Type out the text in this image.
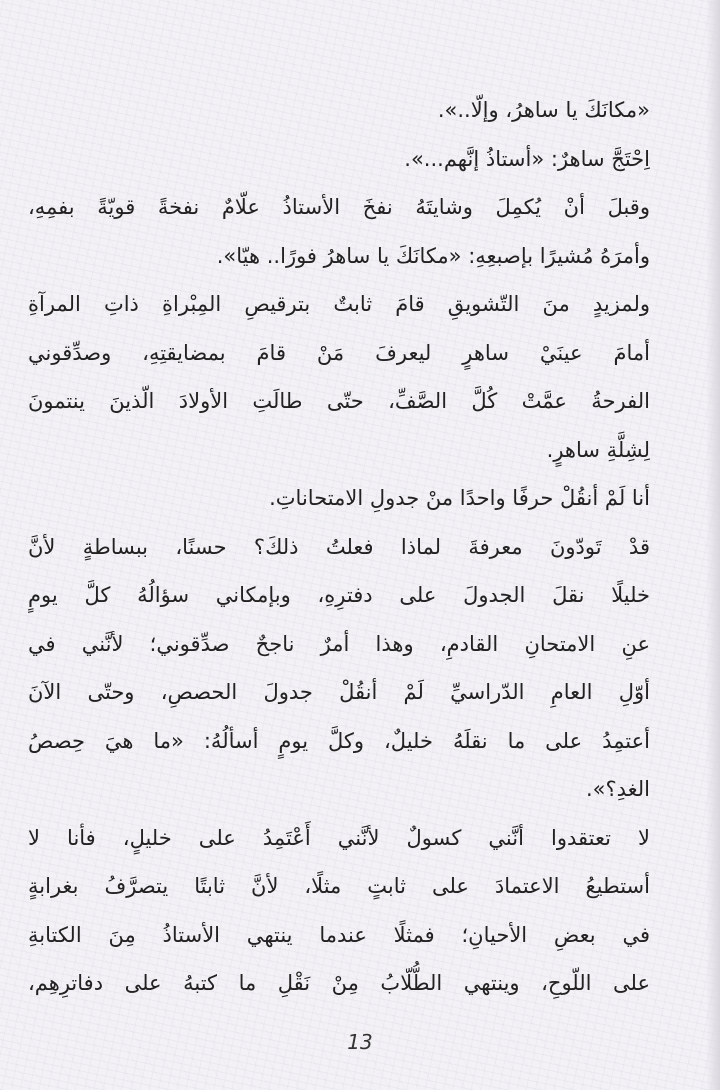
«مكانَكَ يا ساهرُ، وإلّا..».
اِحْتَجَّ ساهرٌ: «أستاذُ إنَّهم...».
وقبلَ أنْ يُكمِلَ وشايتَهُ نفخَ الأستاذُ علّامٌ نفخةً قويّةً بفمِهِ،
وأمرَهُ مُشيرًا بإصبعِهِ: «مكانَكَ يا ساهرُ فورًا.. هيّا».
ولمزيدٍ منَ التّشويقِ قامَ ثابتٌ بترقيصِ المِبْراةِ ذاتِ المرآةِ
أمامَ عينَيْ ساهرٍ ليعرفَ مَنْ قامَ بمضايقتِهِ، وصدِّقوني
الفرحةُ عمَّتْ كُلَّ الصَّفِّ، حتّى طالَتِ الأولادَ الّذينَ ينتمونَ
لِشِلَّةِ ساهرٍ.
أنا لَمْ أنقُلْ حرفًا واحدًا منْ جدولِ الامتحاناتِ.
قدْ تَودّونَ معرفةَ لماذا فعلتُ ذلكَ؟ حسنًا، ببساطةٍ لأنَّ
خليلًا نقلَ الجدولَ على دفترِهِ، وبإمكاني سؤالُهُ كلَّ يومٍ
عنِ الامتحانِ القادمِ، وهذا أمرٌ ناجحٌ صدِّقوني؛ لأنَّني في
أوّلِ العامِ الدّراسيِّ لَمْ أنقُلْ جدولَ الحصصِ، وحتّى الآنَ
أعتمِدُ على ما نقلَهُ خليلٌ، وكلَّ يومٍ أسألُهُ: «ما هيَ حِصصُ
الغدِ؟».
لا تعتقدوا أنَّني كسولٌ لأنَّني أَعْتَمِدُ على خليلٍ، فأنا لا
أستطيعُ الاعتمادَ على ثابتٍ مثلًا، لأنَّ ثابتًا يتصرَّفُ بغرابةٍ
في بعضِ الأحيانِ؛ فمثلًا عندما ينتهي الأستاذُ مِنَ الكتابةِ
على اللّوحِ، وينتهي الطُّلّابُ مِنْ نَقْلِ ما كتبهُ على دفاترِهِم،
13
